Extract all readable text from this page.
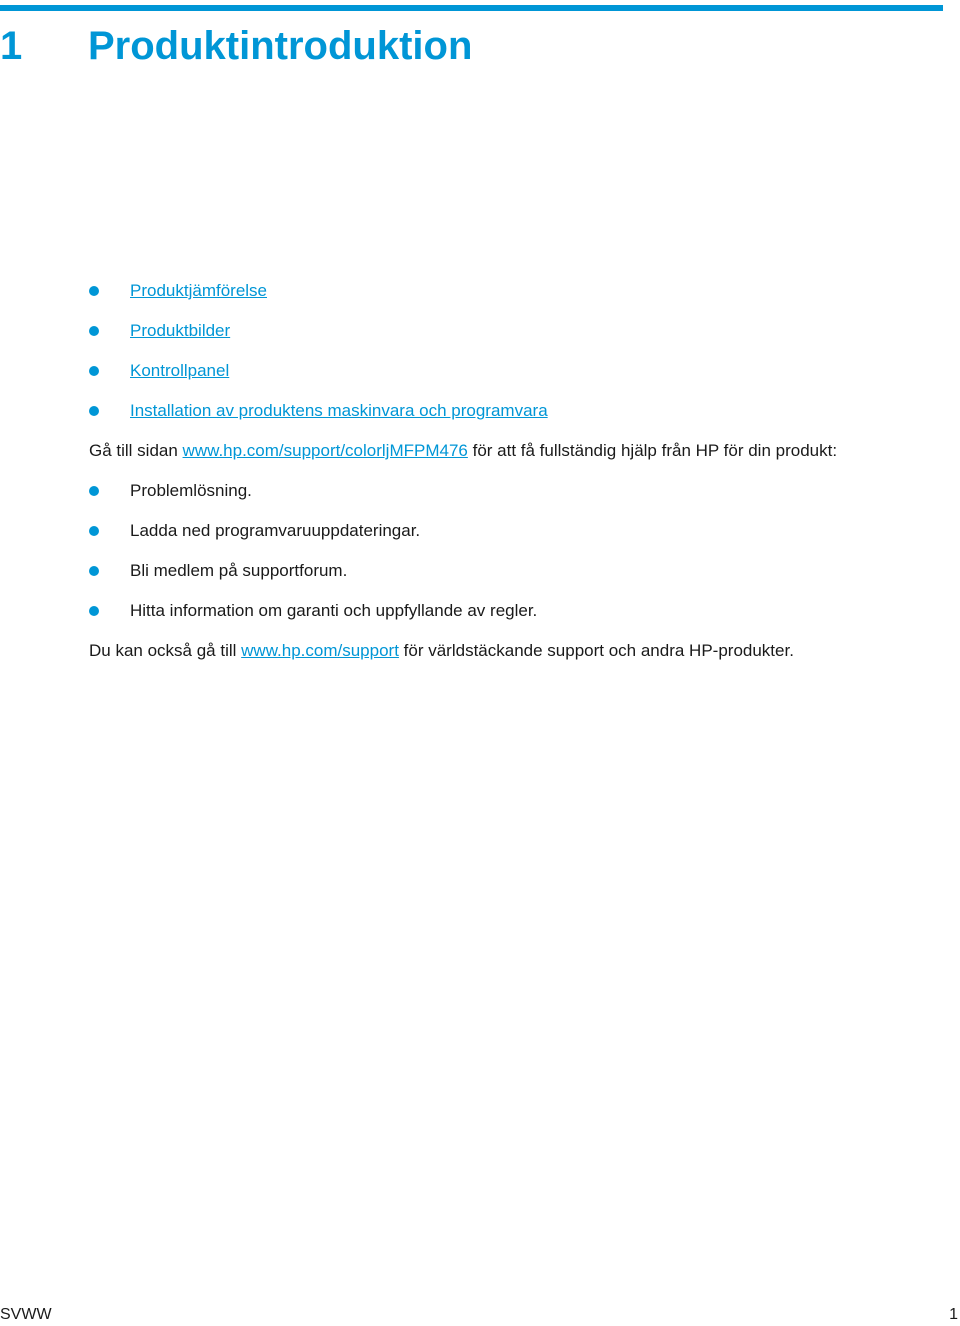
1	Produktintroduktion
Produktjämförelse
Produktbilder
Kontrollpanel
Installation av produktens maskinvara och programvara

Gå till sidan www.hp.com/support/colorljMFPM476 för att få fullständig hjälp från HP för din produkt:

Problemlösning.
Ladda ned programvaruuppdateringar.
Bli medlem på supportforum.
Hitta information om garanti och uppfyllande av regler.

Du kan också gå till www.hp.com/support för världstäckande support och andra HP-produkter.

SVWW	1
